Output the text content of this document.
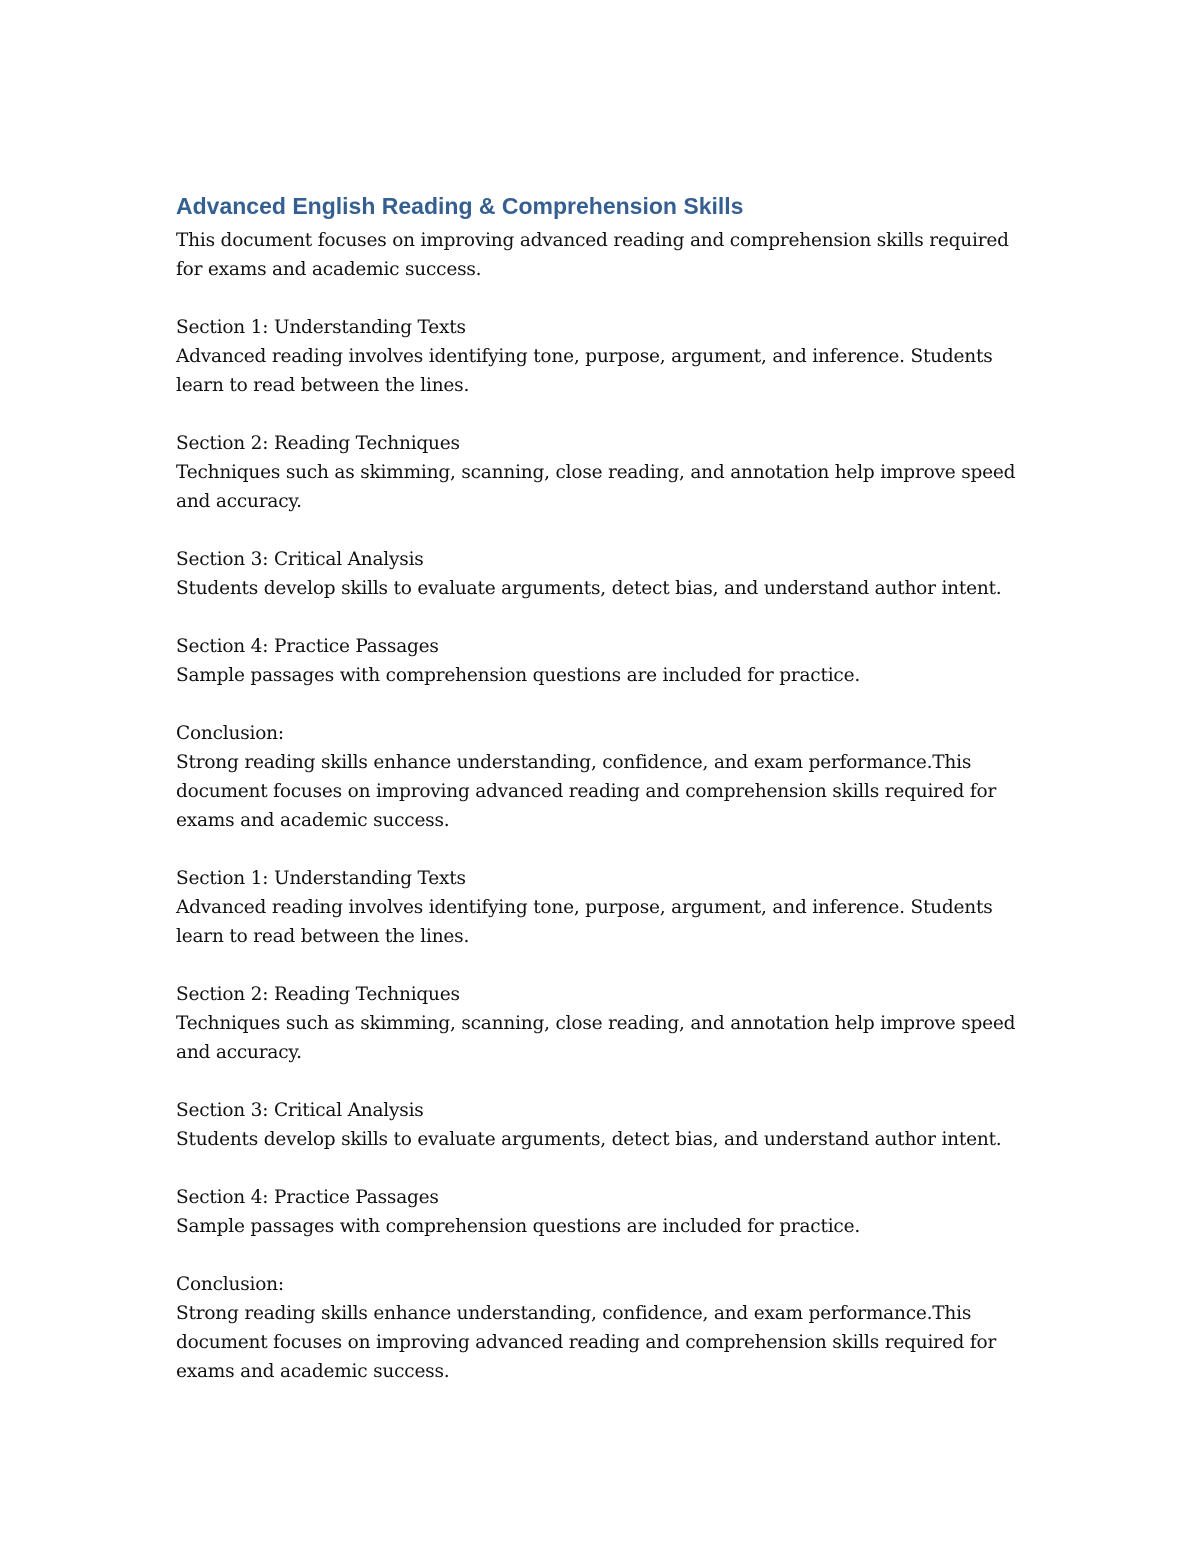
Advanced English Reading & Comprehension Skills
This document focuses on improving advanced reading and comprehension skills required
for exams and academic success.
Section 1: Understanding Texts
Advanced reading involves identifying tone, purpose, argument, and inference. Students
learn to read between the lines.
Section 2: Reading Techniques
Techniques such as skimming, scanning, close reading, and annotation help improve speed
and accuracy.
Section 3: Critical Analysis
Students develop skills to evaluate arguments, detect bias, and understand author intent.
Section 4: Practice Passages
Sample passages with comprehension questions are included for practice.
Conclusion:
Strong reading skills enhance understanding, confidence, and exam performance.This
document focuses on improving advanced reading and comprehension skills required for
exams and academic success.
Section 1: Understanding Texts
Advanced reading involves identifying tone, purpose, argument, and inference. Students
learn to read between the lines.
Section 2: Reading Techniques
Techniques such as skimming, scanning, close reading, and annotation help improve speed
and accuracy.
Section 3: Critical Analysis
Students develop skills to evaluate arguments, detect bias, and understand author intent.
Section 4: Practice Passages
Sample passages with comprehension questions are included for practice.
Conclusion:
Strong reading skills enhance understanding, confidence, and exam performance.This
document focuses on improving advanced reading and comprehension skills required for
exams and academic success.
